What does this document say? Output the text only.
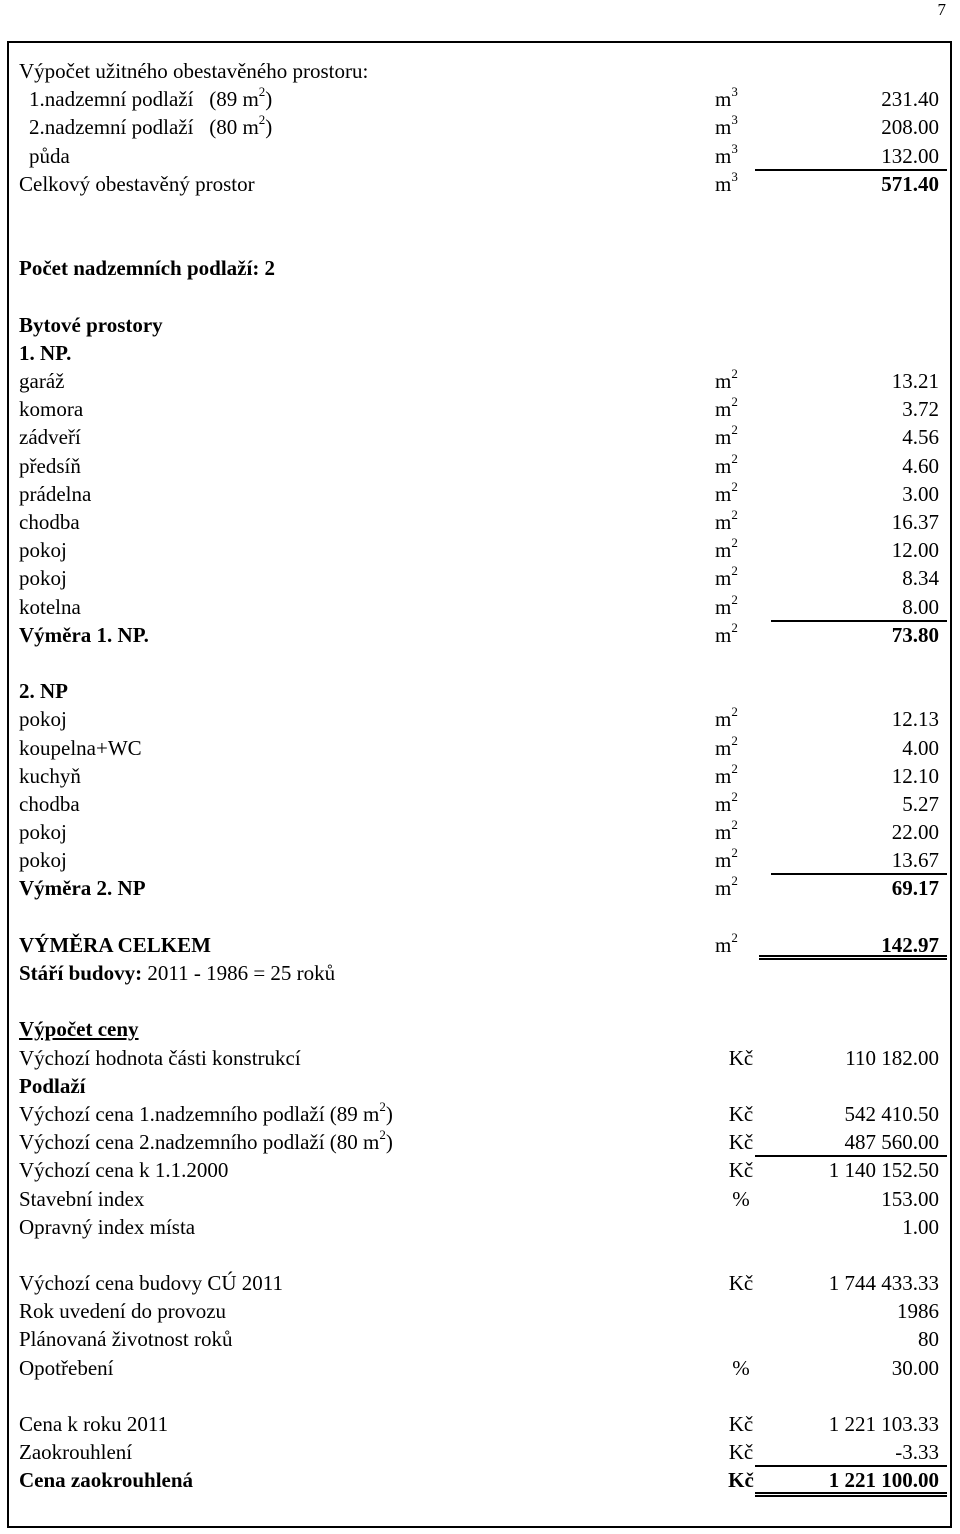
7
Výpočet užitného obestavěného prostoru:
1.nadzemní podlaží (89 $m^2$)	$m^3$	231.40
2.nadzemní podlaží (80 $m^2$)	$m^3$	208.00
půda	$m^3$	132.00
Celkový obestavěný prostor	$m^3$	571.40
Počet nadzemních podlaží: 2
Bytové prostory
1. NP.
garáž	$m^2$	13.21
komora	$m^2$	3.72
zádveří	$m^2$	4.56
předsíň	$m^2$	4.60
prádelna	$m^2$	3.00
chodba	$m^2$	16.37
pokoj	$m^2$	12.00
pokoj	$m^2$	8.34
kotelna	$m^2$	8.00
Výměra 1. NP.	$m^2$	73.80
2. NP
pokoj	$m^2$	12.13
koupelna+WC	$m^2$	4.00
kuchyň	$m^2$	12.10
chodba	$m^2$	5.27
pokoj	$m^2$	22.00
pokoj	$m^2$	13.67
Výměra 2. NP	$m^2$	69.17
VÝMĚRA CELKEM	$m^2$	142.97
Stáří budovy: 2011 - 1986 = 25 roků
Výpočet ceny
Výchozí hodnota části konstrukcí	Kč	110 182.00
Podlaží
Výchozí cena 1.nadzemního podlaží (89 $m^2$)	Kč	542 410.50
Výchozí cena 2.nadzemního podlaží (80 $m^2$)	Kč	487 560.00
Výchozí cena k 1.1.2000	Kč	1 140 152.50
Stavební index	%	153.00
Opravný index místa	1.00
Výchozí cena budovy CÚ 2011	Kč	1 744 433.33
Rok uvedení do provozu	1986
Plánovaná životnost roků	80
Opotřebení	%	30.00
Cena k roku 2011	Kč	1 221 103.33
Zaokrouhlení	Kč	-3.33
Cena zaokrouhlená	Kč	1 221 100.00
